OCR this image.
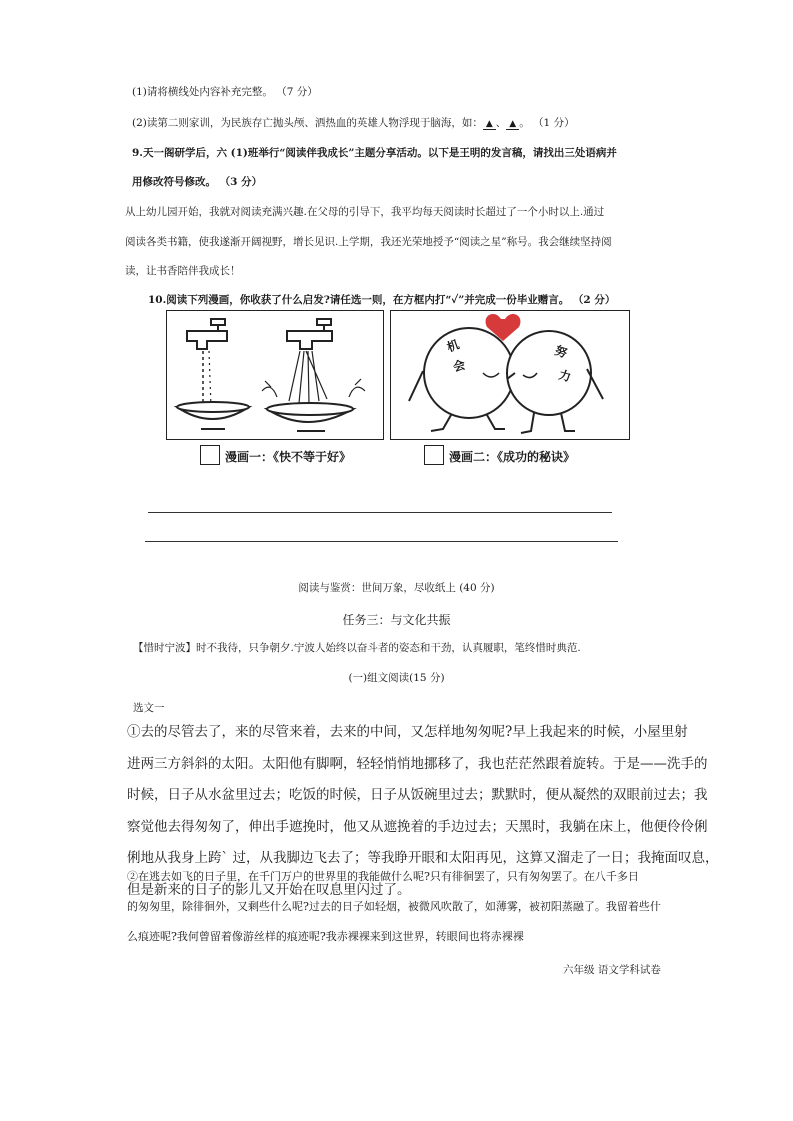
(1)请将横线处内容补充完整。 （7 分）
(2)读第二则家训，为民族存亡抛头颅、洒热血的英雄人物浮现于脑海，如： ▲ 、 ▲ 。 （1 分）
9.天一阁研学后，六 (1)班举行“阅读伴我成长”主题分享活动。以下是王明的发言稿，请找出三处语病并
用修改符号修改。 （3 分）
从上幼儿园开始，我就对阅读充满兴趣.在父母的引导下，我平均每天阅读时长超过了一个小时以上.通过
阅读各类书籍，使我遂渐开阔视野，增长见识.上学期，我还光荣地授予“阅读之星”称号。我会继续坚持阅
读，让书香陪伴我成长！
10.阅读下列漫画，你收获了什么启发?请任选一则，在方框内打“✓”并完成一份毕业赠言。 （2 分）
机
会
努
力
漫画一：《快不等于好》	漫画二：《成功的秘诀》
阅读与鉴赏：世间万象，尽收纸上 (40 分)
任务三：与文化共振
【惜时宁波】时不我待，只争朝夕.宁波人始终以奋斗者的姿态和干劲，认真履职，笔终惜时典范.
(一)组文阅读(15 分)
选文一
①去的尽管去了，来的尽管来着，去来的中间，又怎样地匆匆呢?早上我起来的时候，小屋里射
进两三方斜斜的太阳。太阳他有脚啊，轻轻悄悄地挪移了，我也茫茫然跟着旋转。于是——洗手的
时候，日子从水盆里过去；吃饭的时候，日子从饭碗里过去；默默时，便从凝然的双眼前过去；我
察觉他去得匆匆了，伸出手遮挽时，他又从遮挽着的手边过去；天黑时，我躺在床上，他便伶伶俐
俐地从我身上跨` 过，从我脚边飞去了；等我睁开眼和太阳再见，这算又溜走了一日；我掩面叹息，
但是新来的日子的影儿又开始在叹息里闪过了。
②在逃去如飞的日子里，在千门万户的世界里的我能做什么呢?只有徘徊罢了，只有匆匆罢了。在八千多日
的匆匆里，除徘徊外，又剩些什么呢?过去的日子如轻烟，被微风吹散了，如薄雾，被初阳蒸融了。我留着些什
么痕迹呢?我何曾留着像游丝样的痕迹呢?我赤裸裸来到这世界，转眼间也将赤裸裸
六年级 语文学科试卷
